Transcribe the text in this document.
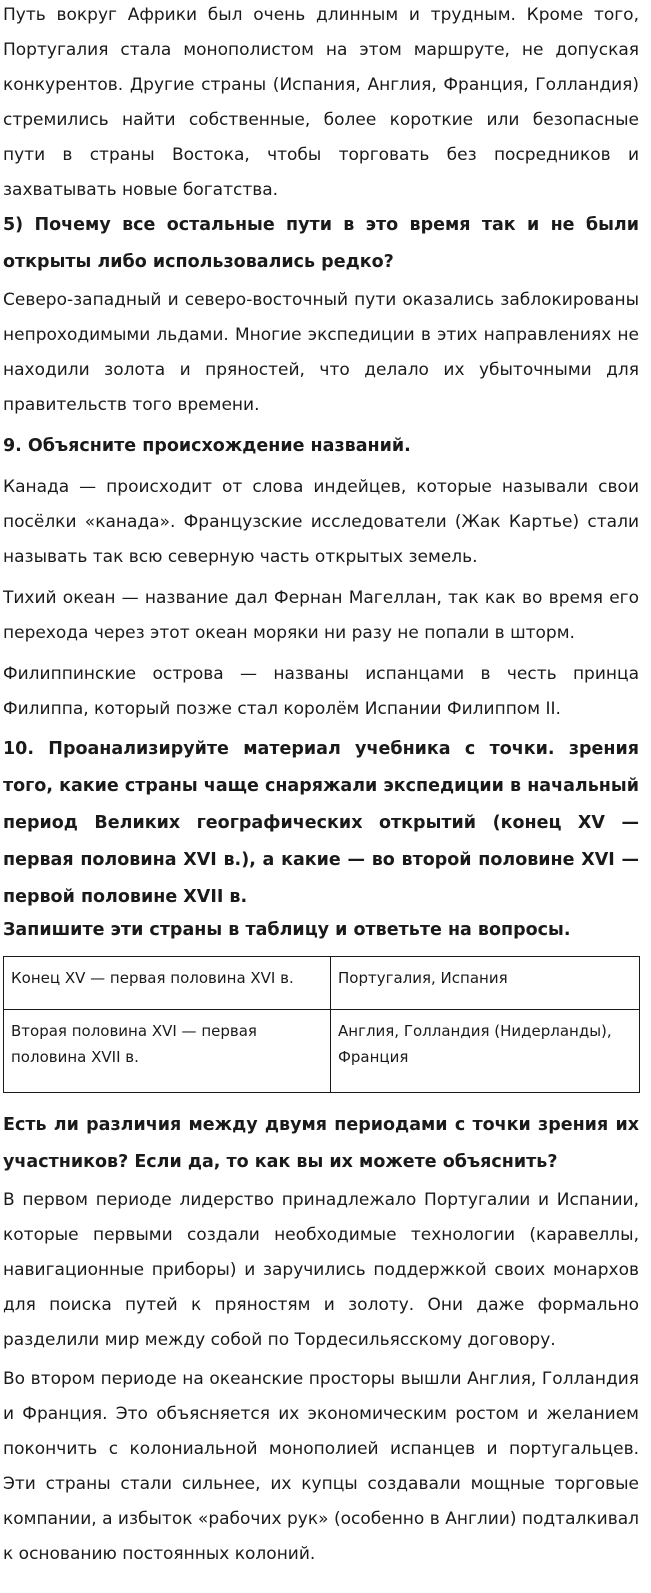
Путь вокруг Африки был очень длинным и трудным. Кроме того, Португалия стала монополистом на этом маршруте, не допуская конкурентов. Другие страны (Испания, Англия, Франция, Голландия) стремились найти собственные, более короткие или безопасные пути в страны Востока, чтобы торговать без посредников и захватывать новые богатства.

5) Почему все остальные пути в это время так и не были открыты либо использовались редко?

Северо-западный и северо-восточный пути оказались заблокированы непроходимыми льдами. Многие экспедиции в этих направлениях не находили золота и пряностей, что делало их убыточными для правительств того времени.

9. Объясните происхождение названий.

Канада — происходит от слова индейцев, которые называли свои посёлки «канада». Французские исследователи (Жак Картье) стали называть так всю северную часть открытых земель.

Тихий океан — название дал Фернан Магеллан, так как во время его перехода через этот океан моряки ни разу не попали в шторм.

Филиппинские острова — названы испанцами в честь принца Филиппа, который позже стал королём Испании Филиппом II.

10. Проанализируйте материал учебника с точки. зрения того, какие страны чаще снаряжали экспедиции в начальный период Великих географических открытий (конец XV — первая половина XVI в.), а какие — во второй половине XVI — первой половине XVII в.

Запишите эти страны в таблицу и ответьте на вопросы.

Конец XV — первая половина XVI в.	Португалия, Испания
Вторая половина XVI — первая половина XVII в.	Англия, Голландия (Нидерланды), Франция

Есть ли различия между двумя периодами с точки зрения их участников? Если да, то как вы их можете объяснить?

В первом периоде лидерство принадлежало Португалии и Испании, которые первыми создали необходимые технологии (каравеллы, навигационные приборы) и заручились поддержкой своих монархов для поиска путей к пряностям и золоту. Они даже формально разделили мир между собой по Тордесильясскому договору.

Во втором периоде на океанские просторы вышли Англия, Голландия и Франция. Это объясняется их экономическим ростом и желанием покончить с колониальной монополией испанцев и португальцев. Эти страны стали сильнее, их купцы создавали мощные торговые компании, а избыток «рабочих рук» (особенно в Англии) подталкивал к основанию постоянных колоний.
